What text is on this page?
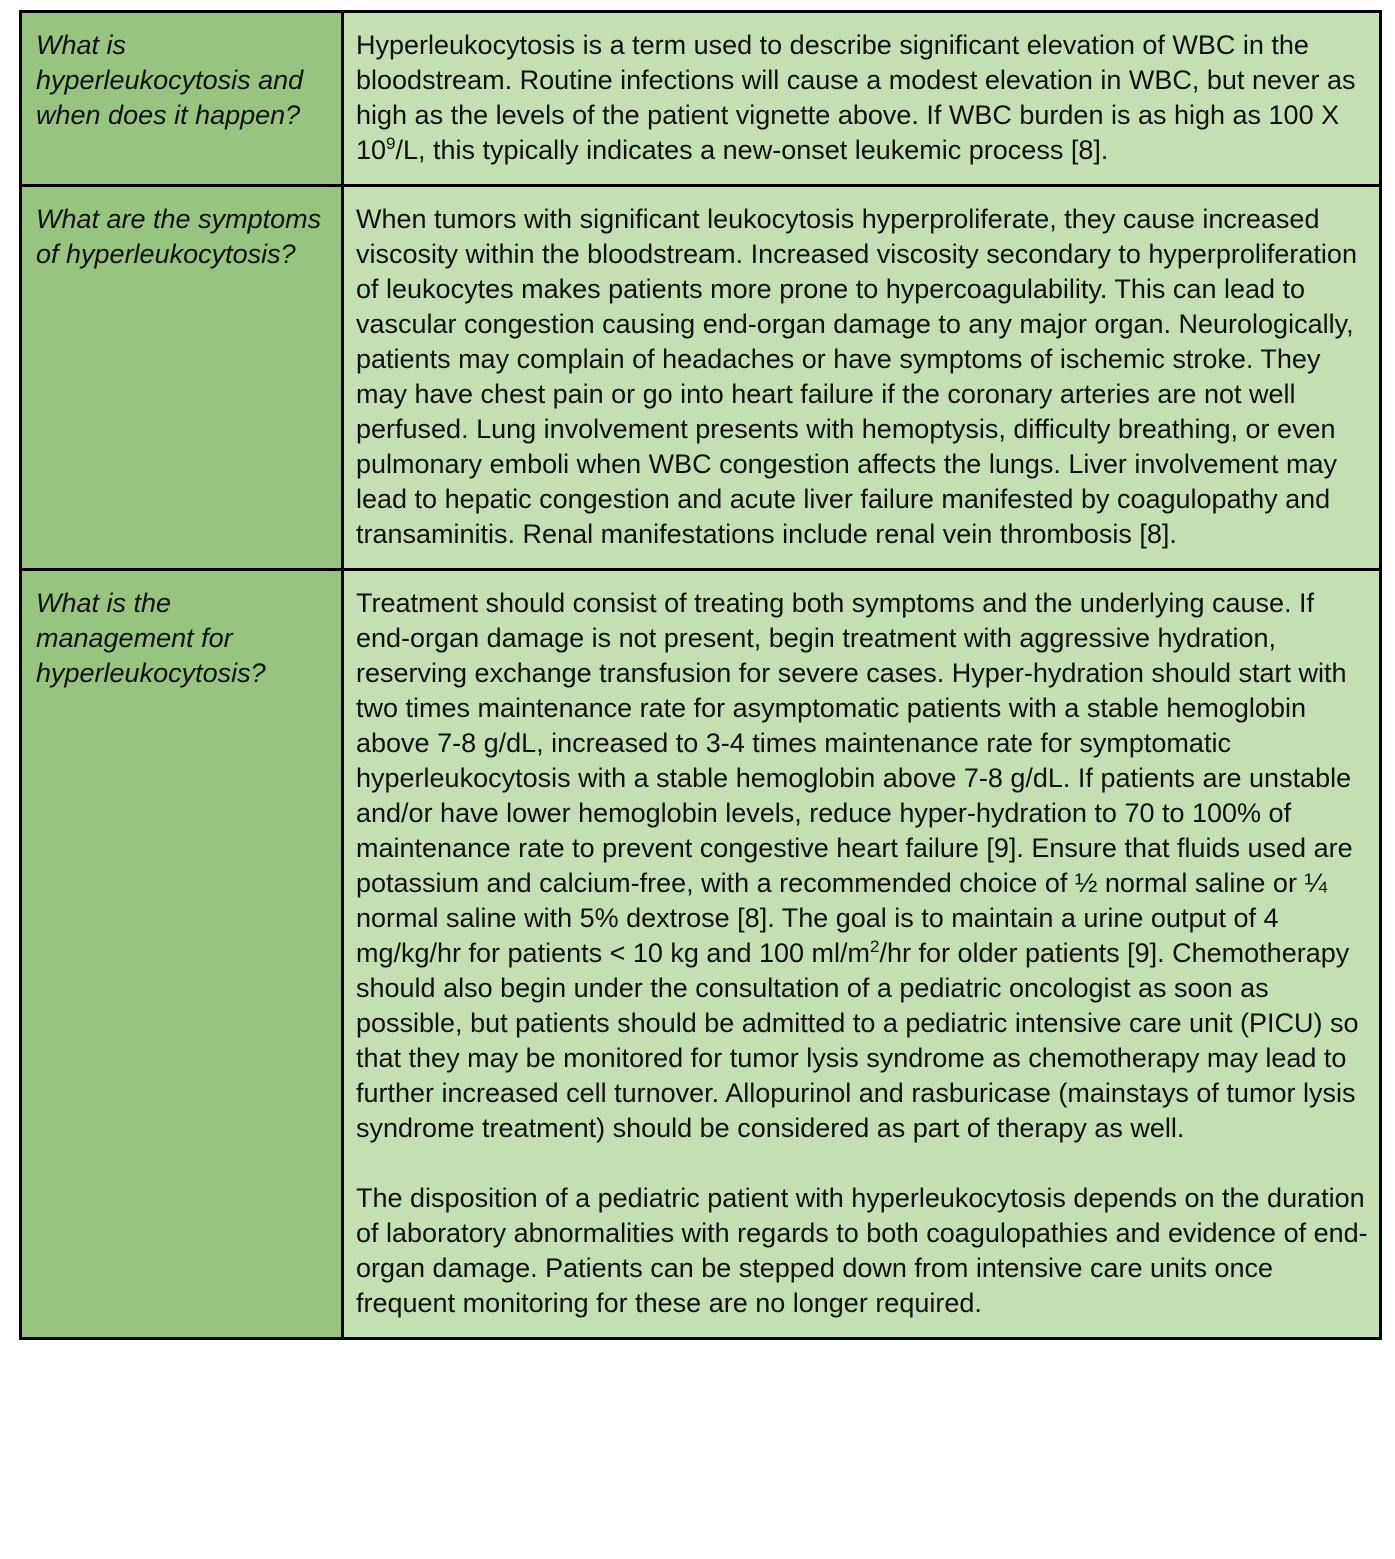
What is hyperleukocytosis and when does it happen?	Hyperleukocytosis is a term used to describe significant elevation of WBC in the bloodstream. Routine infections will cause a modest elevation in WBC, but never as high as the levels of the patient vignette above. If WBC burden is as high as 100 X $10^9/L$, this typically indicates a new-onset leukemic process [8].

What are the symptoms of hyperleukocytosis?	When tumors with significant leukocytosis hyperproliferate, they cause increased viscosity within the bloodstream. Increased viscosity secondary to hyperproliferation of leukocytes makes patients more prone to hypercoagulability. This can lead to vascular congestion causing end-organ damage to any major organ. Neurologically, patients may complain of headaches or have symptoms of ischemic stroke. They may have chest pain or go into heart failure if the coronary arteries are not well perfused. Lung involvement presents with hemoptysis, difficulty breathing, or even pulmonary emboli when WBC congestion affects the lungs. Liver involvement may lead to hepatic congestion and acute liver failure manifested by coagulopathy and transaminitis. Renal manifestations include renal vein thrombosis [8].

What is the management for hyperleukocytosis?	Treatment should consist of treating both symptoms and the underlying cause. If end-organ damage is not present, begin treatment with aggressive hydration, reserving exchange transfusion for severe cases. Hyper-hydration should start with two times maintenance rate for asymptomatic patients with a stable hemoglobin above 7-8 g/dL, increased to 3-4 times maintenance rate for symptomatic hyperleukocytosis with a stable hemoglobin above 7-8 g/dL. If patients are unstable and/or have lower hemoglobin levels, reduce hyper-hydration to 70 to 100% of maintenance rate to prevent congestive heart failure [9]. Ensure that fluids used are potassium and calcium-free, with a recommended choice of ½ normal saline or ¼ normal saline with 5% dextrose [8]. The goal is to maintain a urine output of 4 mg/kg/hr for patients < 10 kg and 100 $ml/m^2/hr$ for older patients [9]. Chemotherapy should also begin under the consultation of a pediatric oncologist as soon as possible, but patients should be admitted to a pediatric intensive care unit (PICU) so that they may be monitored for tumor lysis syndrome as chemotherapy may lead to further increased cell turnover. Allopurinol and rasburicase (mainstays of tumor lysis syndrome treatment) should be considered as part of therapy as well.

The disposition of a pediatric patient with hyperleukocytosis depends on the duration of laboratory abnormalities with regards to both coagulopathies and evidence of end-organ damage. Patients can be stepped down from intensive care units once frequent monitoring for these are no longer required.
